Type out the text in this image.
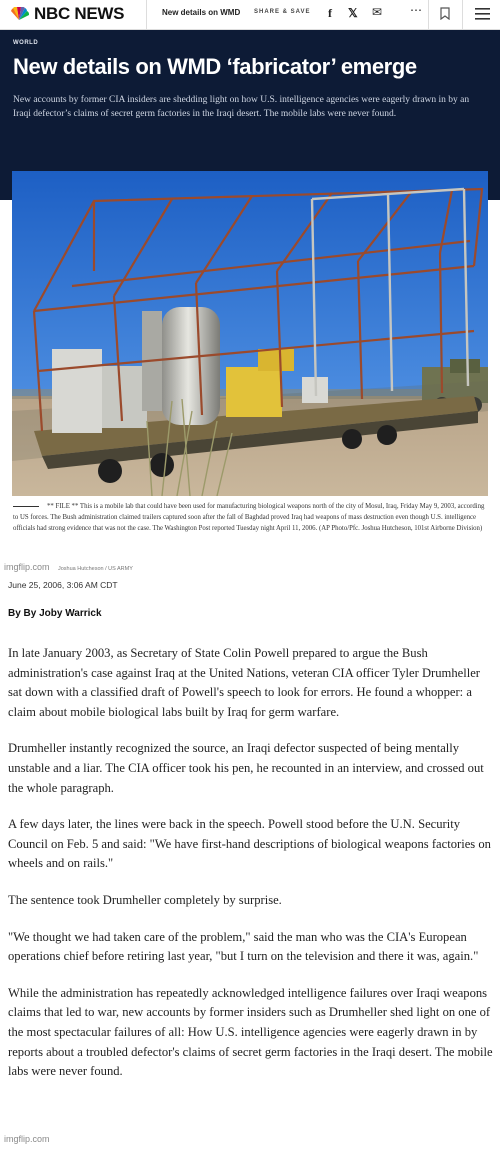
NBC NEWS	New details on WMD SHARE & SAVE f 𝕏 ✉ ⋯
WORLD
New details on WMD ‘fabricator’ emerge

New accounts by former CIA insiders are shedding light on how U.S. intelligence agencies were eagerly drawn in by an Iraqi defector’s claims of secret germ factories in the Iraqi desert. The mobile labs were never found.

** FILE ** This is a mobile lab that could have been used for manufacturing biological weapons north of the city of Mosul, Iraq, Friday May 9, 2003, according to US forces. The Bush administration claimed trailers captured soon after the fall of Baghdad proved Iraq had weapons of mass destruction even though U.S. intelligence officials had strong evidence that was not the case. The Washington Post reported Tuesday night April 11, 2006. (AP Photo/Pfc. Joshua Hutcheson, 101st Airborne Division)

Joshua Hutcheson / US ARMY
June 25, 2006, 3:06 AM CDT
By By Joby Warrick

In late January 2003, as Secretary of State Colin Powell prepared to argue the Bush administration's case against Iraq at the United Nations, veteran CIA officer Tyler Drumheller sat down with a classified draft of Powell's speech to look for errors. He found a whopper: a claim about mobile biological labs built by Iraq for germ warfare.

Drumheller instantly recognized the source, an Iraqi defector suspected of being mentally unstable and a liar. The CIA officer took his pen, he recounted in an interview, and crossed out the whole paragraph.

A few days later, the lines were back in the speech. Powell stood before the U.N. Security Council on Feb. 5 and said: "We have first-hand descriptions of biological weapons factories on wheels and on rails."

The sentence took Drumheller completely by surprise.

"We thought we had taken care of the problem," said the man who was the CIA's European operations chief before retiring last year, "but I turn on the television and there it was, again."

While the administration has repeatedly acknowledged intelligence failures over Iraqi weapons claims that led to war, new accounts by former insiders such as Drumheller shed light on one of the most spectacular failures of all: How U.S. intelligence agencies were eagerly drawn in by reports about a troubled defector's claims of secret germ factories in the Iraqi desert. The mobile labs were never found.

imgflip.com
imgflip.com
